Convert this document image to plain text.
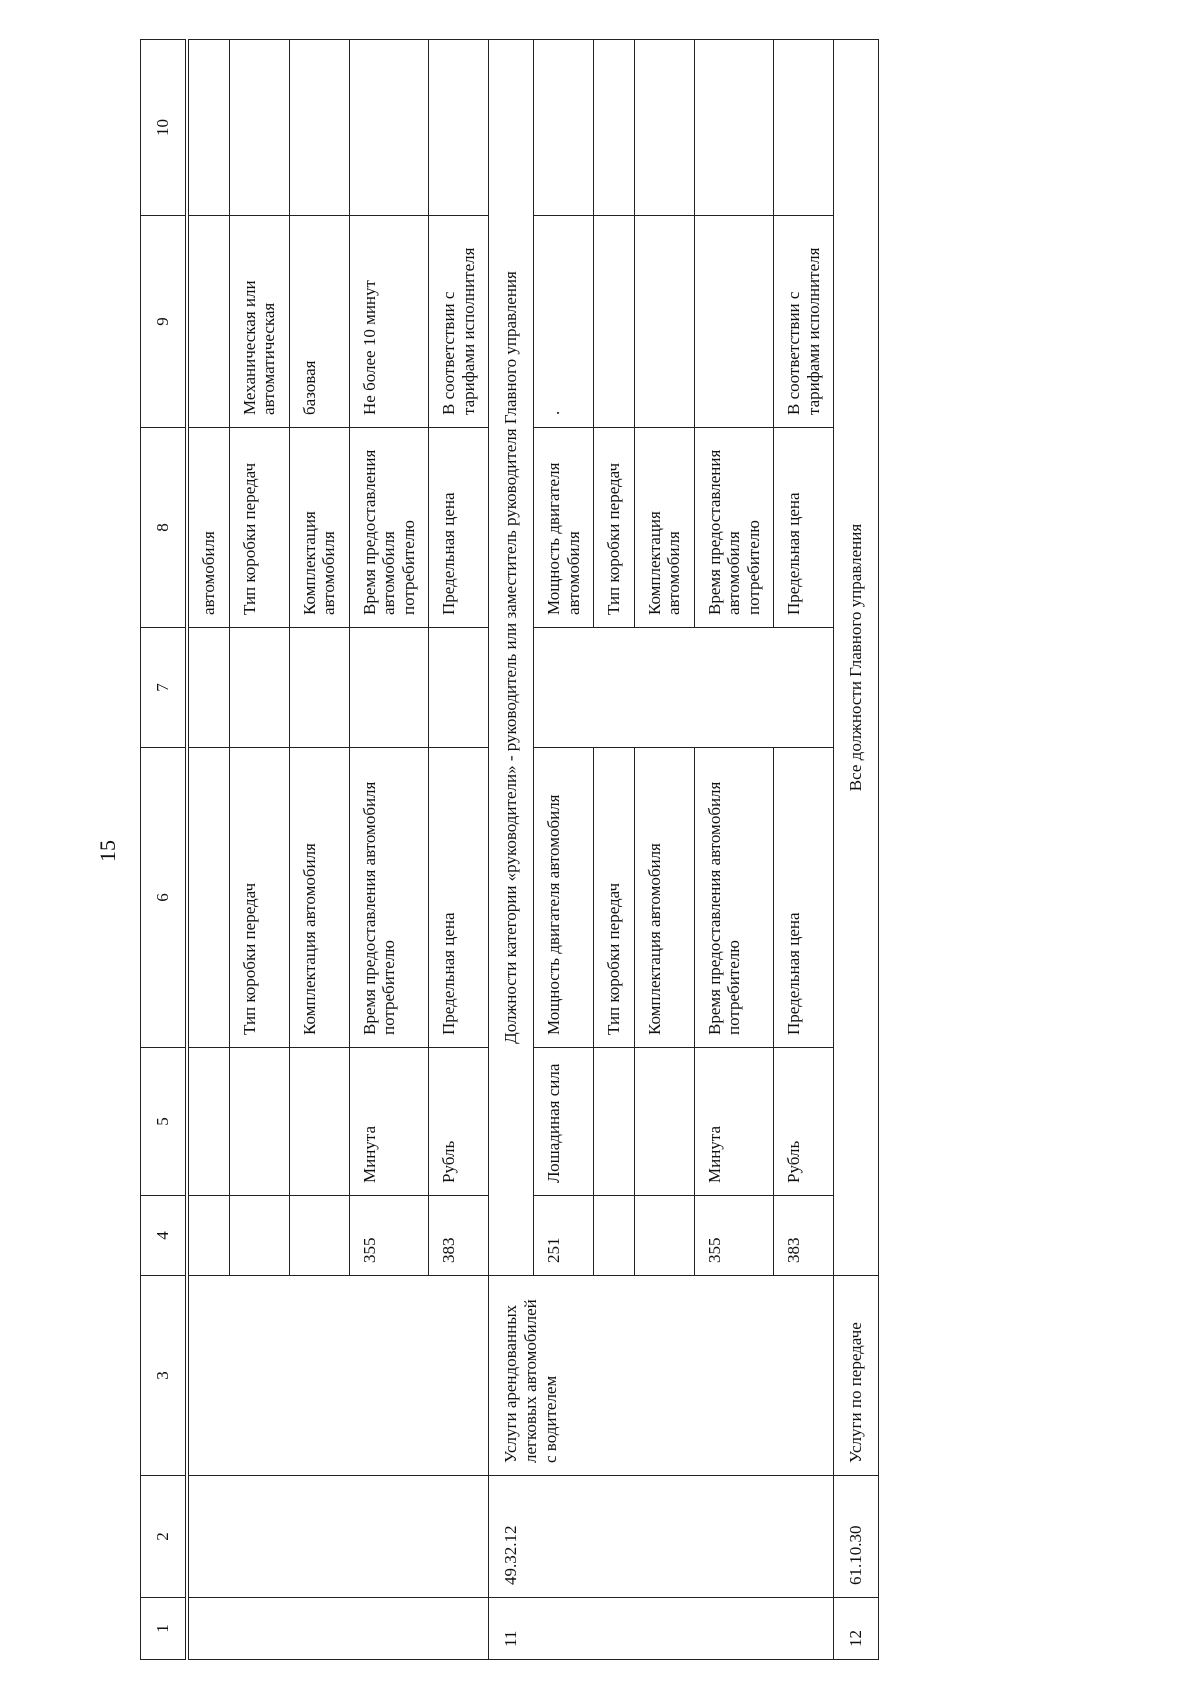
15
1	2	3	4	5	6	7	8	9	10
							автомобиля		
					Тип коробки передач		Тип коробки передач	Механическая или автоматическая	
					Комплектация автомобиля		Комплектация автомобиля	базовая	
			355	Минута	Время предоставления автомобиля потребителю		Время предоставления автомобиля потребителю	Не более 10 минут	
			383	Рубль	Предельная цена		Предельная цена	В соответствии с тарифами исполнителя	
11	49.32.12	Услуги арендованных легковых автомобилей с водителем	Должности категории «руководители» - руководитель или заместитель руководителя Главного управления						
			251	Лошадиная сила	Мощность двигателя автомобиля		Мощность двигателя автомобиля	.	
					Тип коробки передач		Тип коробки передач		
					Комплектация автомобиля		Комплектация автомобиля		
			355	Минута	Время предоставления автомобиля потребителю		Время предоставления автомобиля потребителю		
			383	Рубль	Предельная цена		Предельная цена	В соответствии с тарифами исполнителя	
12	61.10.30	Услуги по передаче	Все должности Главного управления						
